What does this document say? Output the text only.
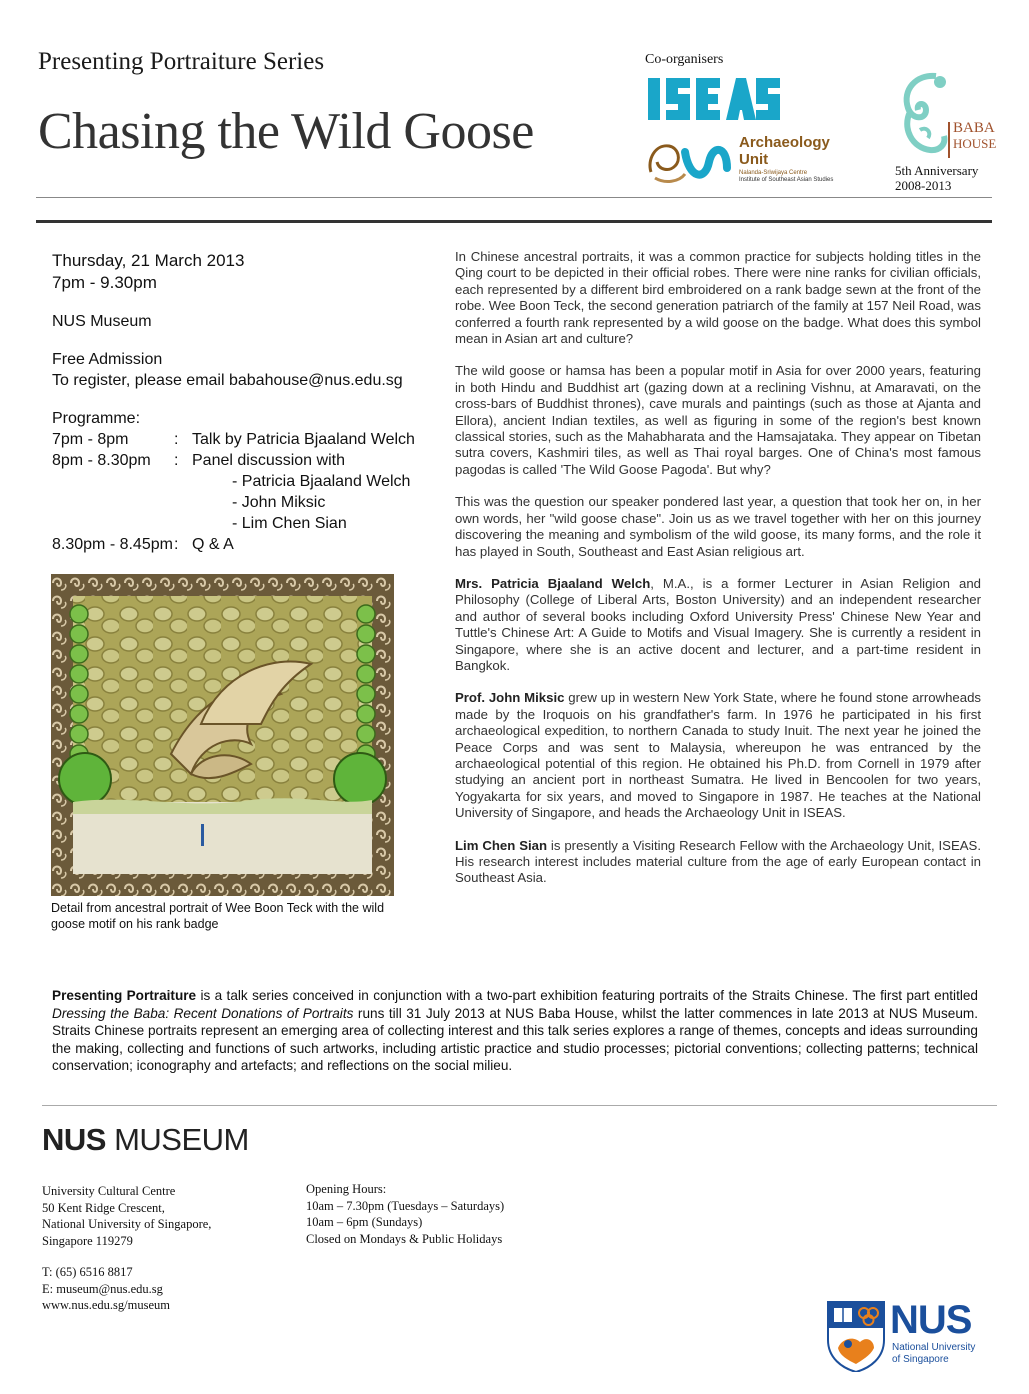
Presenting Portraiture Series
Chasing the Wild Goose
Co-organisers
Archaeology
Unit
Nalanda-Sriwijaya Centre
Institute of Southeast Asian Studies
BABA
HOUSE
5th Anniversary
2008-2013
Thursday, 21 March 2013
7pm - 9.30pm
NUS Museum
Free Admission
To register, please email babahouse@nus.edu.sg
Programme:
7pm - 8pm	: Talk by Patricia Bjaaland Welch
8pm - 8.30pm	: Panel discussion with
- Patricia Bjaaland Welch
- John Miksic
- Lim Chen Sian
8.30pm - 8.45pm : Q & A
Detail from ancestral portrait of Wee Boon Teck with the wild goose motif on his rank badge

In Chinese ancestral portraits, it was a common practice for subjects holding titles in the Qing court to be depicted in their official robes. There were nine ranks for civilian officials, each represented by a different bird embroidered on a rank badge sewn at the front of the robe. Wee Boon Teck, the second generation patriarch of the family at 157 Neil Road, was conferred a fourth rank represented by a wild goose on the badge. What does this symbol mean in Asian art and culture?

The wild goose or hamsa has been a popular motif in Asia for over 2000 years, featuring in both Hindu and Buddhist art (gazing down at a reclining Vishnu, at Amaravati, on the cross-bars of Buddhist thrones), cave murals and paintings (such as those at Ajanta and Ellora), ancient Indian textiles, as well as figuring in some of the region's best known classical stories, such as the Mahabharata and the Hamsajataka. They appear on Tibetan sutra covers, Kashmiri tiles, as well as Thai royal barges. One of China's most famous pagodas is called 'The Wild Goose Pagoda'. But why?

This was the question our speaker pondered last year, a question that took her on, in her own words, her "wild goose chase". Join us as we travel together with her on this journey discovering the meaning and symbolism of the wild goose, its many forms, and the role it has played in South, Southeast and East Asian religious art.

Mrs. Patricia Bjaaland Welch, M.A., is a former Lecturer in Asian Religion and Philosophy (College of Liberal Arts, Boston University) and an independent researcher and author of several books including Oxford University Press' Chinese New Year and Tuttle's Chinese Art: A Guide to Motifs and Visual Imagery. She is currently a resident in Singapore, where she is an active docent and lecturer, and a part-time resident in Bangkok.

Prof. John Miksic grew up in western New York State, where he found stone arrowheads made by the Iroquois on his grandfather's farm. In 1976 he participated in his first archaeological expedition, to northern Canada to study Inuit. The next year he joined the Peace Corps and was sent to Malaysia, whereupon he was entranced by the archaeological potential of this region. He obtained his Ph.D. from Cornell in 1979 after studying an ancient port in northeast Sumatra. He lived in Bencoolen for two years, Yogyakarta for six years, and moved to Singapore in 1987. He teaches at the National University of Singapore, and heads the Archaeology Unit in ISEAS.

Lim Chen Sian is presently a Visiting Research Fellow with the Archaeology Unit, ISEAS. His research interest includes material culture from the age of early European contact in Southeast Asia.

Presenting Portraiture is a talk series conceived in conjunction with a two-part exhibition featuring portraits of the Straits Chinese. The first part entitled Dressing the Baba: Recent Donations of Portraits runs till 31 July 2013 at NUS Baba House, whilst the latter commences in late 2013 at NUS Museum. Straits Chinese portraits represent an emerging area of collecting interest and this talk series explores a range of themes, concepts and ideas surrounding the making, collecting and functions of such artworks, including artistic practice and studio processes; pictorial conventions; collecting patterns; technical conservation; iconography and artefacts; and reflections on the social milieu.
NUS MUSEUM
University Cultural Centre
50 Kent Ridge Crescent,
National University of Singapore,
Singapore 119279
T: (65) 6516 8817
E: museum@nus.edu.sg
www.nus.edu.sg/museum
Opening Hours:
10am – 7.30pm (Tuesdays – Saturdays)
10am – 6pm (Sundays)
Closed on Mondays & Public Holidays
NUS
National University
of Singapore
